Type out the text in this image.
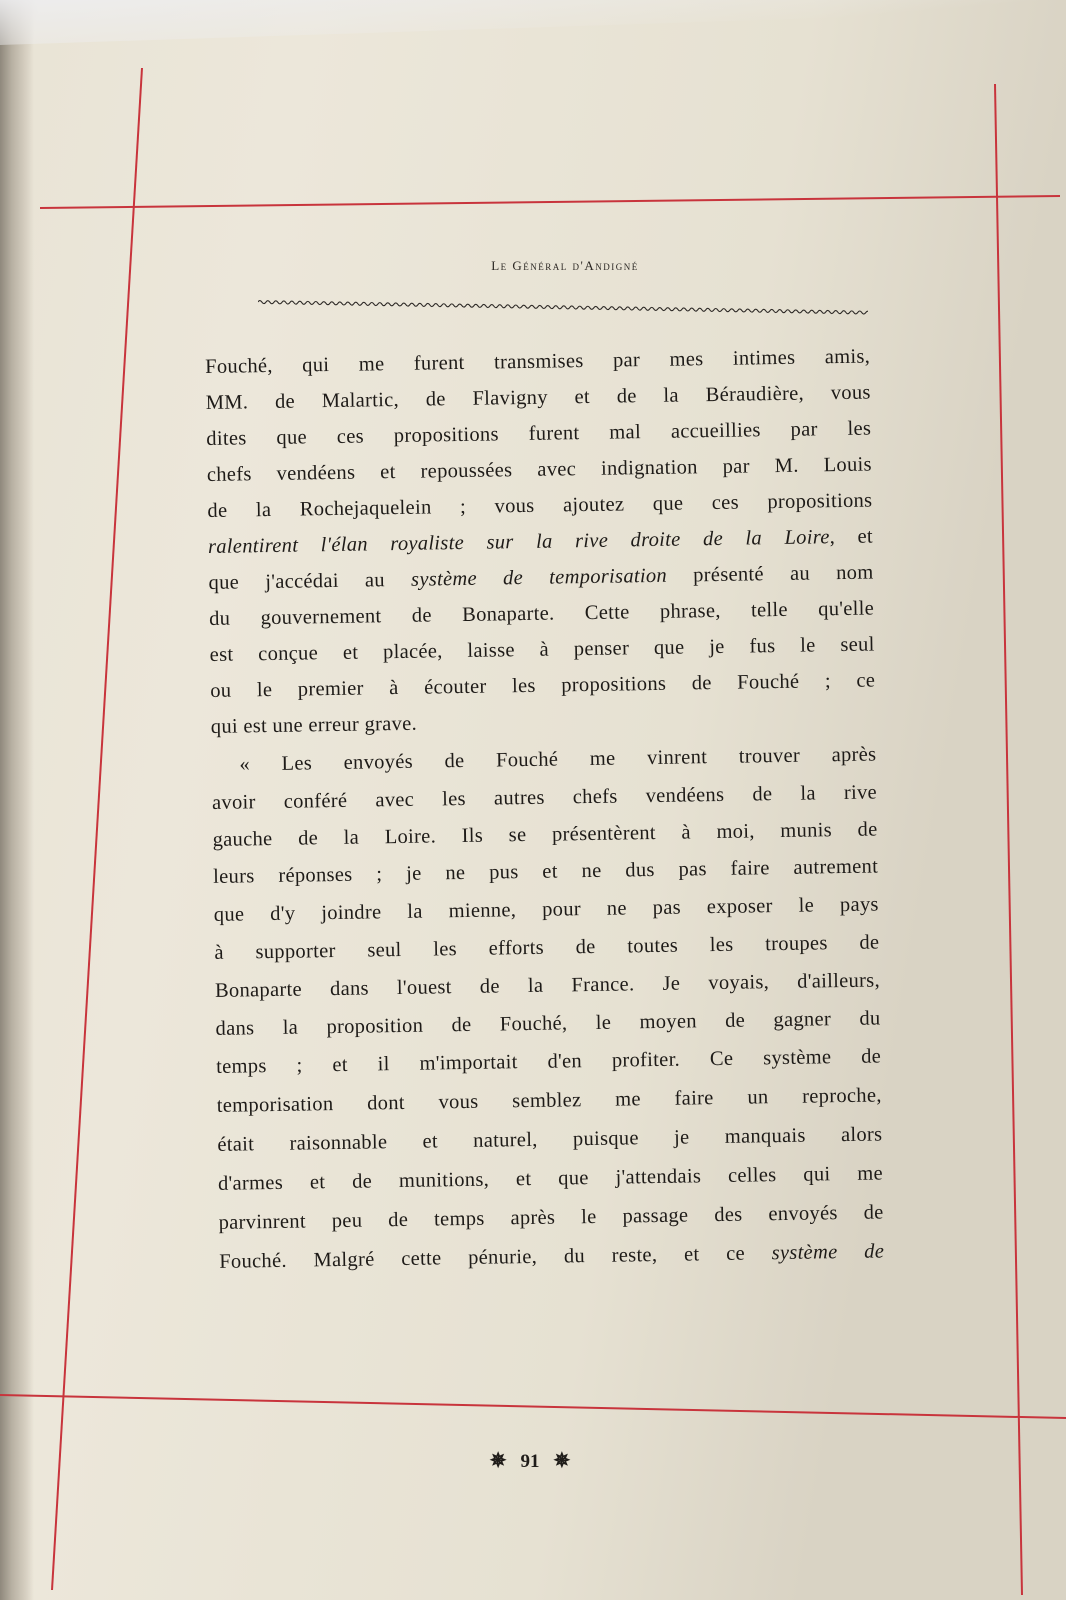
Le Général d'Andigné
Fouché, qui me furent transmises par mes intimes amis,
MM. de Malartic, de Flavigny et de la Béraudière, vous
dites que ces propositions furent mal accueillies par les
chefs vendéens et repoussées avec indignation par M. Louis
de la Rochejaquelein ; vous ajoutez que ces propositions
ralentirent l'élan royaliste sur la rive droite de la Loire, et
que j'accédai au système de temporisation présenté au nom
du gouvernement de Bonaparte. Cette phrase, telle qu'elle
est conçue et placée, laisse à penser que je fus le seul
ou le premier à écouter les propositions de Fouché ; ce
qui est une erreur grave.
« Les envoyés de Fouché me vinrent trouver après
avoir conféré avec les autres chefs vendéens de la rive
gauche de la Loire. Ils se présentèrent à moi, munis de
leurs réponses ; je ne pus et ne dus pas faire autrement
que d'y joindre la mienne, pour ne pas exposer le pays
à supporter seul les efforts de toutes les troupes de
Bonaparte dans l'ouest de la France. Je voyais, d'ailleurs,
dans la proposition de Fouché, le moyen de gagner du
temps ; et il m'importait d'en profiter. Ce système de
temporisation dont vous semblez me faire un reproche,
était raisonnable et naturel, puisque je manquais alors
d'armes et de munitions, et que j'attendais celles qui me
parvinrent peu de temps après le passage des envoyés de
Fouché. Malgré cette pénurie, du reste, et ce système de
✵ 91 ✵
